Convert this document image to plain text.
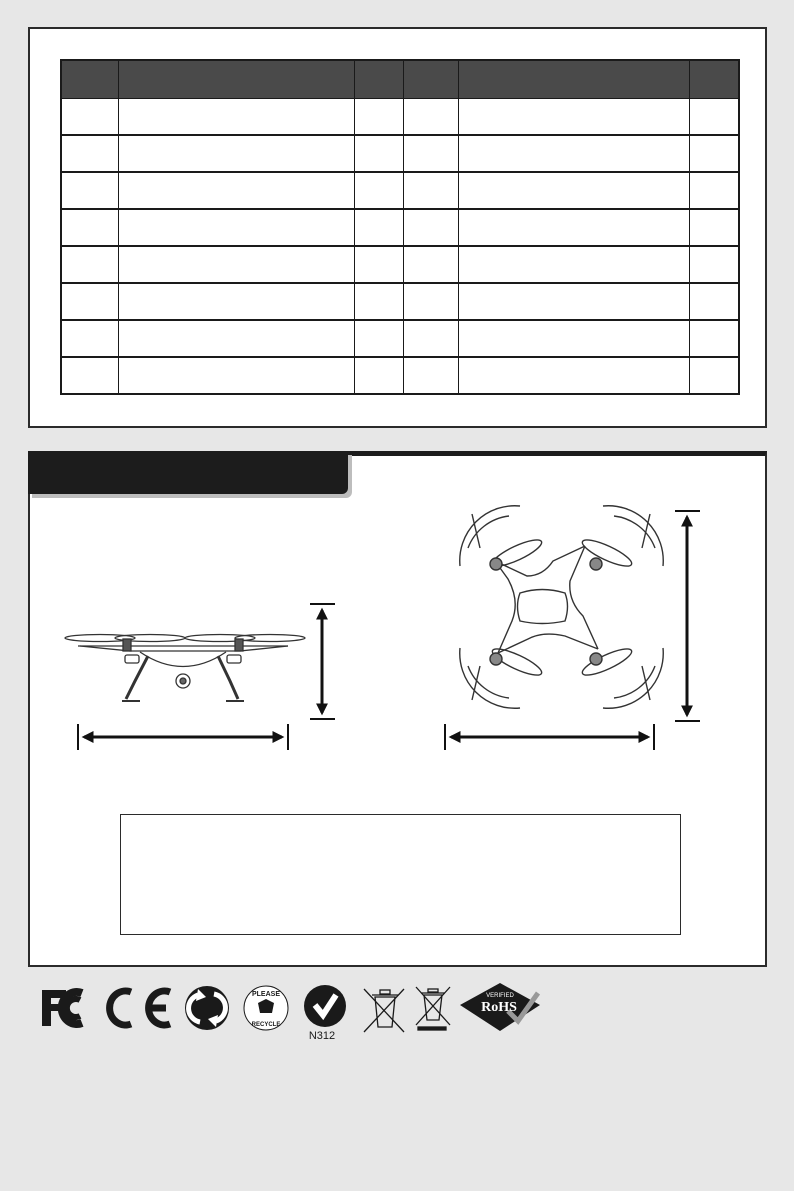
PLEASE
RECYCLE
N312
VERIFIED
RoHS
